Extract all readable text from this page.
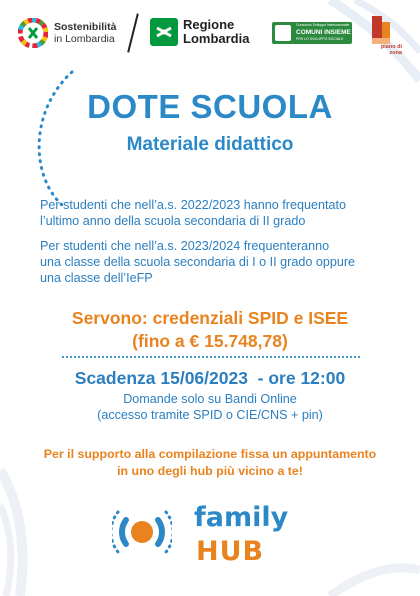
Sostenibilità
in Lombardia
Regione
Lombardia
Consorzio Sviluppo Intercomunale
COMUNI INSIEME
PER LO SVILUPPO SOCIALE
piano di zona
DOTE SCUOLA
Materiale didattico
Per studenti che nell’a.s. 2022/2023 hanno frequentato
l’ultimo anno della scuola secondaria di II grado
Per studenti che nell’a.s. 2023/2024 frequenteranno
una classe della scuola secondaria di I o II grado oppure
una classe dell’IeFP
Servono: credenziali SPID e ISEE
(fino a € 15.748,78)
Scadenza 15/06/2023  - ore 12:00
Domande solo su Bandi Online
(accesso tramite SPID o CIE/CNS + pin)
Per il supporto alla compilazione fissa un appuntamento
in uno degli hub più vicino a te!
family
HUB
